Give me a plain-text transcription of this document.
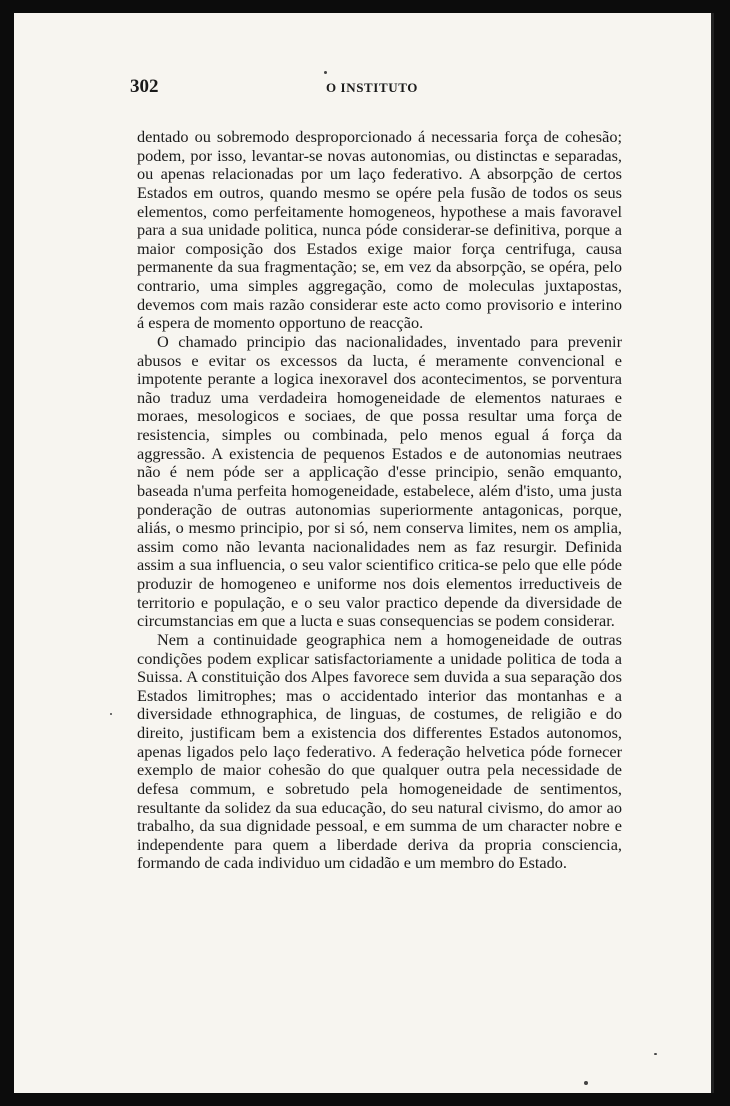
302	O INSTITUTO

dentado ou sobremodo desproporcionado á necessaria força de cohesão; podem, por isso, levantar-se novas autonomias, ou distinctas e separadas, ou apenas relacionadas por um laço federativo. A absorpção de certos Estados em outros, quando mesmo se opére pela fusão de todos os seus elementos, como perfeitamente homogeneos, hypothese a mais favoravel para a sua unidade politica, nunca póde considerar-se definitiva, porque a maior composição dos Estados exige maior força centrifuga, causa permanente da sua fragmentação; se, em vez da absorpção, se opéra, pelo contrario, uma simples aggregação, como de moleculas juxtapostas, devemos com mais razão considerar este acto como provisorio e interino á espera de momento opportuno de reacção.

O chamado principio das nacionalidades, inventado para prevenir abusos e evitar os excessos da lucta, é meramente convencional e impotente perante a logica inexoravel dos acontecimentos, se porventura não traduz uma verdadeira homogeneidade de elementos naturaes e moraes, mesologicos e sociaes, de que possa resultar uma força de resistencia, simples ou combinada, pelo menos egual á força da aggressão. A existencia de pequenos Estados e de autonomias neutraes não é nem póde ser a applicação d'esse principio, senão emquanto, baseada n'uma perfeita homogeneidade, estabelece, além d'isto, uma justa ponderação de outras autonomias superiormente antagonicas, porque, aliás, o mesmo principio, por si só, nem conserva limites, nem os amplia, assim como não levanta nacionalidades nem as faz resurgir. Definida assim a sua influencia, o seu valor scientifico critica-se pelo que elle póde produzir de homogeneo e uniforme nos dois elementos irreductiveis de territorio e população, e o seu valor practico depende da diversidade de circumstancias em que a lucta e suas consequencias se podem considerar.

Nem a continuidade geographica nem a homogeneidade de outras condições podem explicar satisfactoriamente a unidade politica de toda a Suissa. A constituição dos Alpes favorece sem duvida a sua separação dos Estados limitrophes; mas o accidentado interior das montanhas e a diversidade ethnographica, de linguas, de costumes, de religião e do direito, justificam bem a existencia dos differentes Estados autonomos, apenas ligados pelo laço federativo. A federação helvetica póde fornecer exemplo de maior cohesão do que qualquer outra pela necessidade de defesa commum, e sobretudo pela homogeneidade de sentimentos, resultante da solidez da sua educação, do seu natural civismo, do amor ao trabalho, da sua dignidade pessoal, e em summa de um character nobre e independente para quem a liberdade deriva da propria consciencia, formando de cada individuo um cidadão e um membro do Estado.
